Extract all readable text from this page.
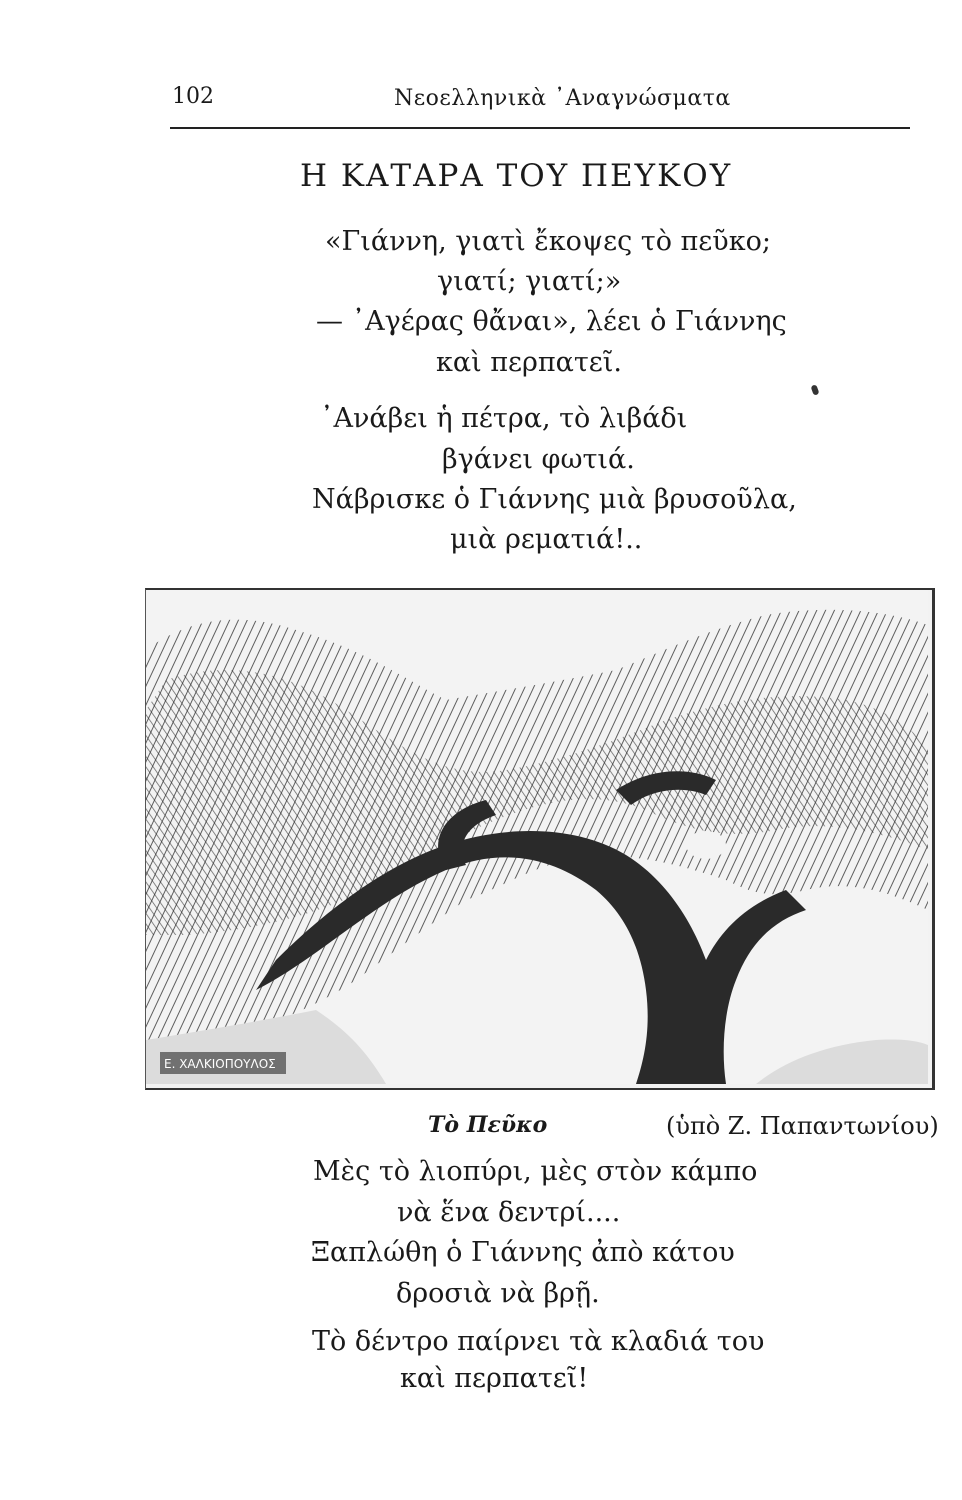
102	Νεοελληνικὰ ᾿Αναγνώσματα
Η ΚΑΤΑΡΑ ΤΟΥ ΠΕΥΚΟΥ
«Γιάννη, γιατὶ ἔκοψες τὸ πεῦκο;
γιατί; γιατί;»
— ᾿Αγέρας θἄναι», λέει ὁ Γιάννης
καὶ περπατεῖ.
᾿Ανάβει ἡ πέτρα, τὸ λιβάδι
βγάνει φωτιά.
Νάβρισκε ὁ Γιάννης μιὰ βρυσοῦλα,
μιὰ ρεματιά!..
Ε. ΧΑΛΚΙΟΠΟΥΛΟΣ
Τὸ Πεῦκο	(ὑπὸ Ζ. Παπαντωνίου)
Μὲς τὸ λιοπύρι, μὲς στὸν κάμπο
νὰ ἕνα δεντρί....
Ξαπλώθη ὁ Γιάννης ἀπὸ κάτου
δροσιὰ νὰ βρῇ.
Τὸ δέντρο παίρνει τὰ κλαδιά του
καὶ περπατεῖ!
